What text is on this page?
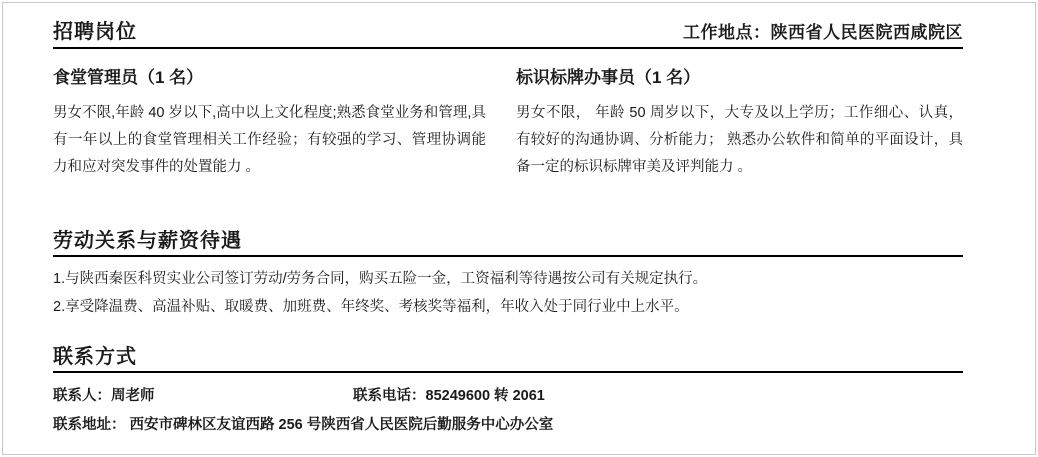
招聘岗位	工作地点：陕西省人民医院西咸院区
食堂管理员（1 名）
男女不限,年龄 40 岁以下,高中以上文化程度;熟悉食堂业务和管理,具有一年以上的食堂管理相关工作经验；有较强的学习、管理协调能力和应对突发事件的处置能力 。
标识标牌办事员（1 名）
男女不限， 年龄 50 周岁以下，大专及以上学历；工作细心、认真，有较好的沟通协调、分析能力； 熟悉办公软件和简单的平面设计，具备一定的标识标牌审美及评判能力 。
劳动关系与薪资待遇
1.与陕西秦医科贸实业公司签订劳动/劳务合同，购买五险一金，工资福利等待遇按公司有关规定执行。
2.享受降温费、高温补贴、取暖费、加班费、年终奖、考核奖等福利，年收入处于同行业中上水平。
联系方式
联系人：周老师	联系电话：85249600 转 2061
联系地址： 西安市碑林区友谊西路 256 号陕西省人民医院后勤服务中心办公室
